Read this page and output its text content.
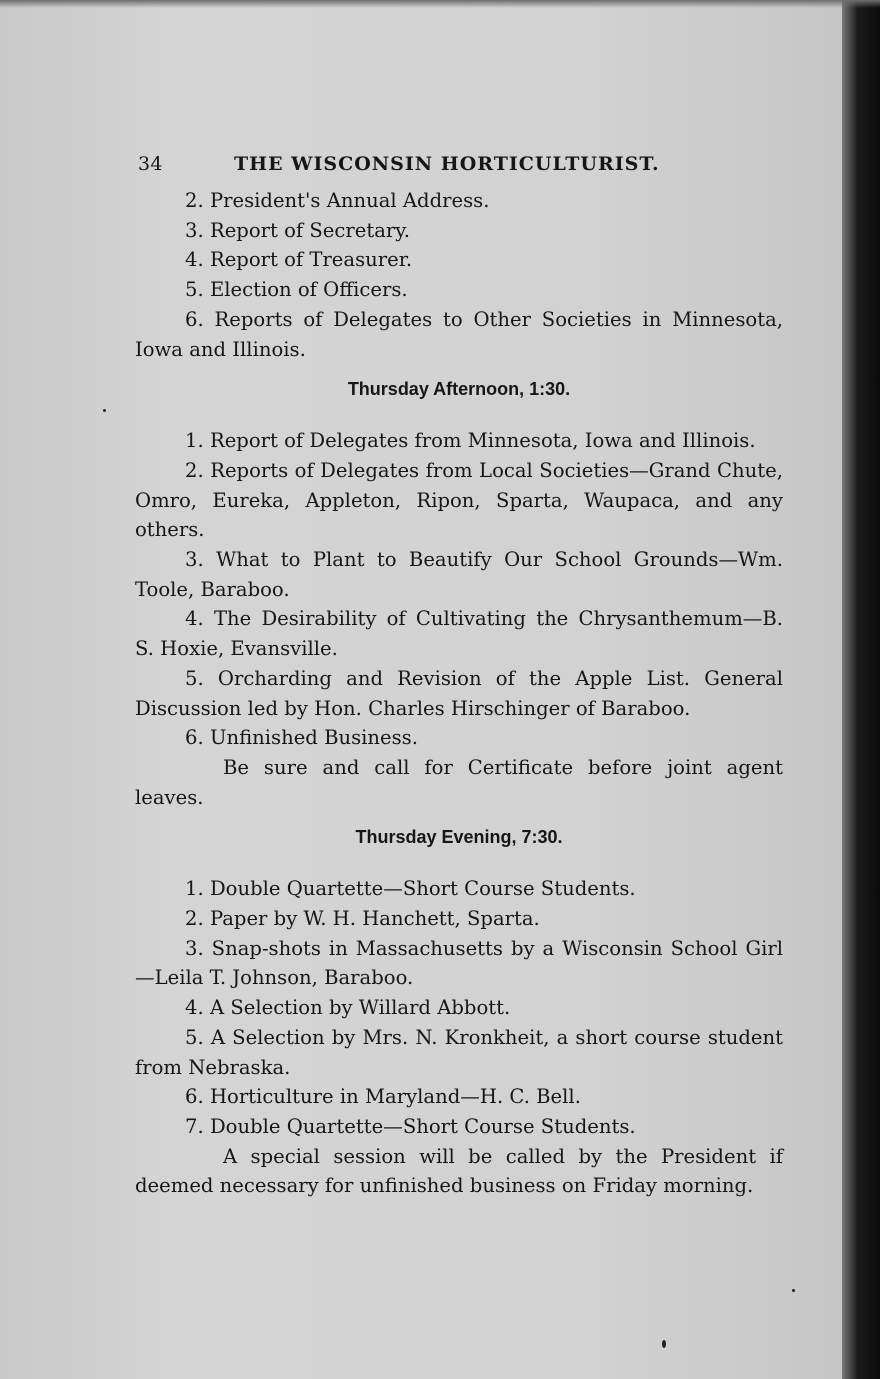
34	THE WISCONSIN HORTICULTURIST.

2. President's Annual Address.

3. Report of Secretary.

4. Report of Treasurer.

5. Election of Officers.

6. Reports of Delegates to Other Societies in Minnesota, Iowa and Illinois.

Thursday Afternoon, 1:30.

1. Report of Delegates from Minnesota, Iowa and Illinois.

2. Reports of Delegates from Local Societies—Grand Chute, Omro, Eureka, Appleton, Ripon, Sparta, Waupaca, and any others.

3. What to Plant to Beautify Our School Grounds—Wm. Toole, Baraboo.

4. The Desirability of Cultivating the Chrysanthemum—B. S. Hoxie, Evansville.

5. Orcharding and Revision of the Apple List. General Discussion led by Hon. Charles Hirschinger of Baraboo.

6. Unfinished Business.

Be sure and call for Certificate before joint agent leaves.

Thursday Evening, 7:30.

1. Double Quartette—Short Course Students.

2. Paper by W. H. Hanchett, Sparta.

3. Snap-shots in Massachusetts by a Wisconsin School Girl—Leila T. Johnson, Baraboo.

4. A Selection by Willard Abbott.

5. A Selection by Mrs. N. Kronkheit, a short course student from Nebraska.

6. Horticulture in Maryland—H. C. Bell.

7. Double Quartette—Short Course Students.

A special session will be called by the President if deemed necessary for unfinished business on Friday morning.
